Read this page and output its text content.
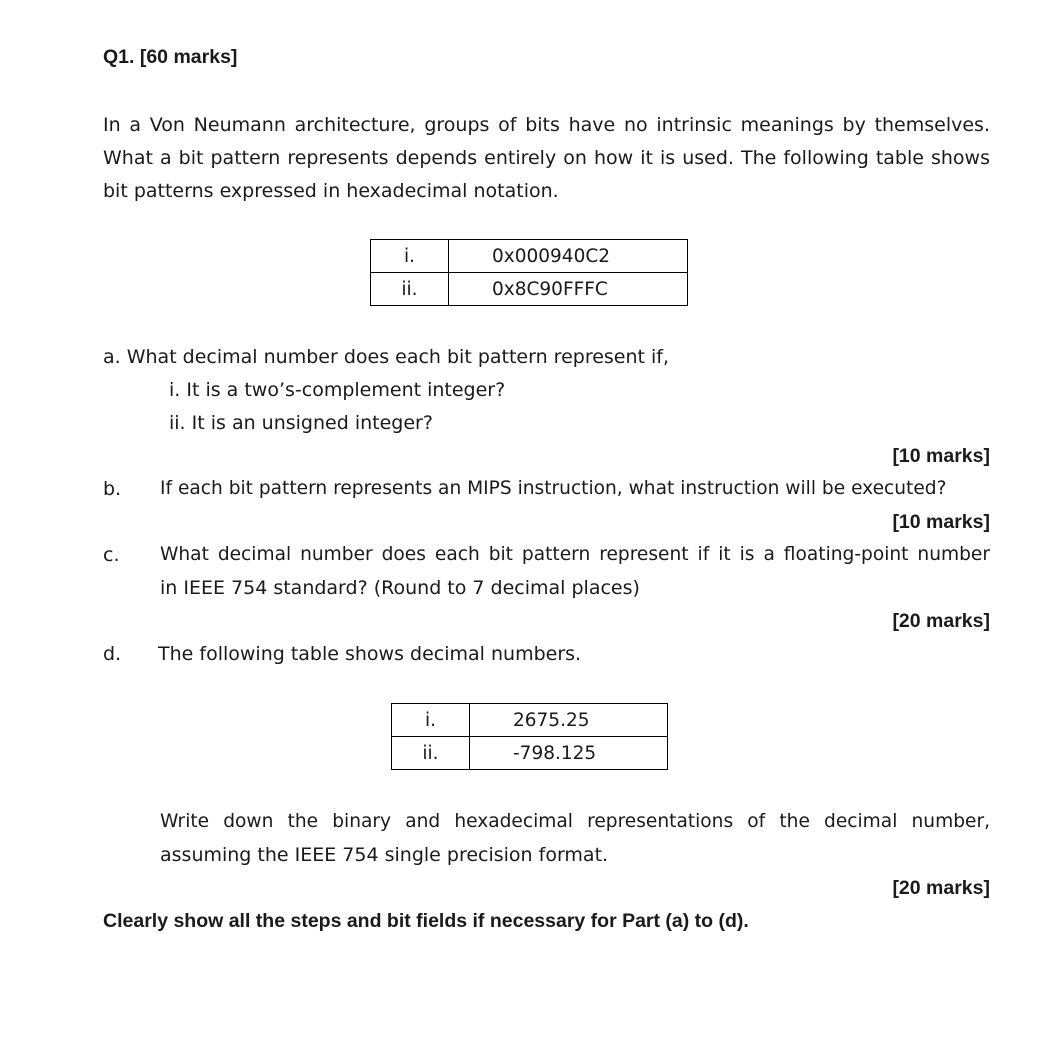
Q1. [60 marks]
In a Von Neumann architecture, groups of bits have no intrinsic meanings by themselves.
What a bit pattern represents depends entirely on how it is used. The following table shows
bit patterns expressed in hexadecimal notation.
i.	0x000940C2
ii.	0x8C90FFFC
a. What decimal number does each bit pattern represent if,
i. It is a two’s-complement integer?
ii. It is an unsigned integer?
[10 marks]
b. If each bit pattern represents an MIPS instruction, what instruction will be executed?
[10 marks]
c. What decimal number does each bit pattern represent if it is a floating-point number
in IEEE 754 standard? (Round to 7 decimal places)
[20 marks]
d. The following table shows decimal numbers.
i.	2675.25
ii.	-798.125
Write down the binary and hexadecimal representations of the decimal number,
assuming the IEEE 754 single precision format.
[20 marks]
Clearly show all the steps and bit fields if necessary for Part (a) to (d).
